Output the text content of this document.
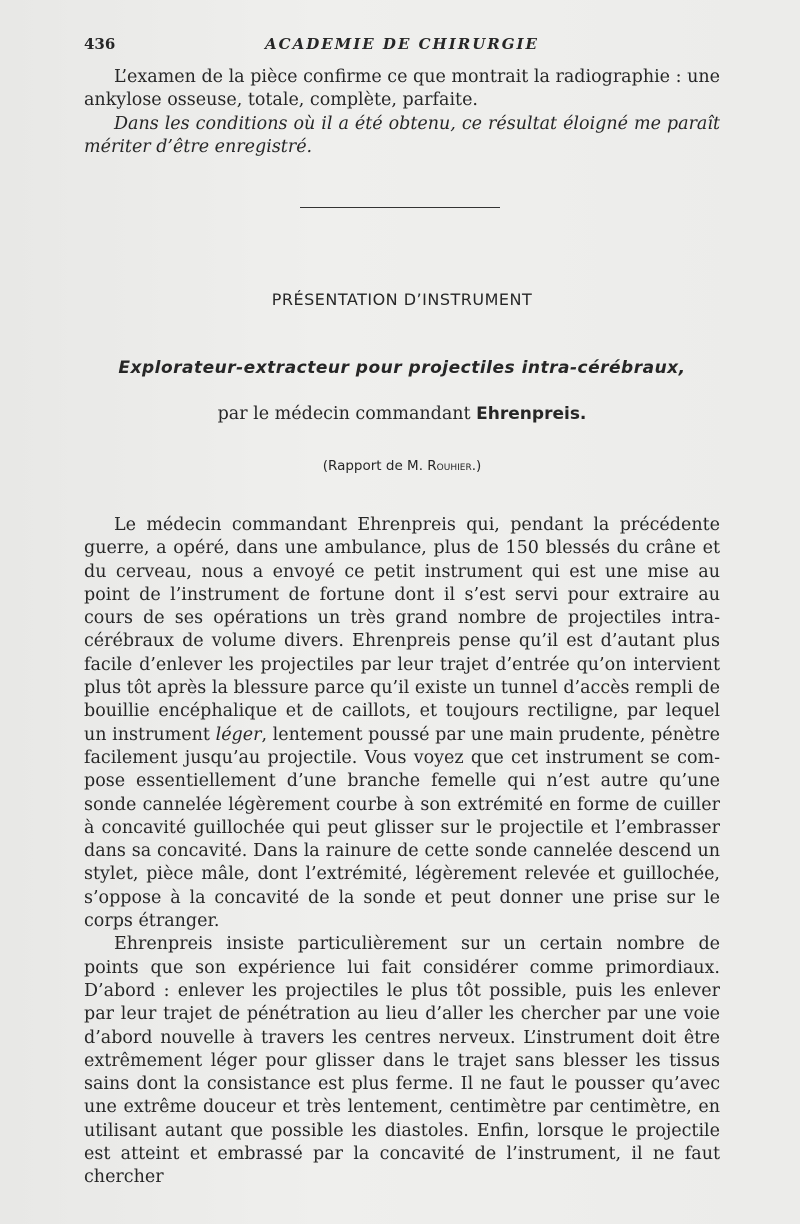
436	ACADEMIE DE CHIRURGIE

L’examen de la pièce confirme ce que montrait la radiographie : une ankylose osseuse, totale, complète, parfaite.

Dans les conditions où il a été obtenu, ce résultat éloigné me paraît mériter d’être enregistré.

PRÉSENTATION D’INSTRUMENT
Explorateur-extracteur pour projectiles intra-cérébraux,
par le médecin commandant Ehrenpreis.
(Rapport de M. Rouhier.)

Le médecin commandant Ehrenpreis qui, pendant la précédente guerre, a opéré, dans une ambulance, plus de 150 blessés du crâne et du cerveau, nous a envoyé ce petit instrument qui est une mise au point de l’instrument de fortune dont il s’est servi pour extraire au cours de ses opérations un très grand nombre de projectiles intra-cérébraux de volume divers. Ehrenpreis pense qu’il est d’autant plus facile d’enlever les projectiles par leur trajet d’entrée qu’on intervient plus tôt après la blessure parce qu’il existe un tunnel d’accès rempli de bouillie encéphalique et de caillots, et toujours rectiligne, par lequel un instrument léger, lentement poussé par une main prudente, pénètre facilement jusqu’au projectile. Vous voyez que cet instrument se compose essentiellement d’une branche femelle qui n’est autre qu’une sonde cannelée légèrement courbe à son extrémité en forme de cuiller à concavité guillochée qui peut glisser sur le projectile et l’embrasser dans sa concavité. Dans la rainure de cette sonde cannelée descend un stylet, pièce mâle, dont l’extrémité, légèrement relevée et guillochée, s’oppose à la concavité de la sonde et peut donner une prise sur le corps étranger.

Ehrenpreis insiste particulièrement sur un certain nombre de points que son expérience lui fait considérer comme primordiaux. D’abord : enlever les projectiles le plus tôt possible, puis les enlever par leur trajet de pénétration au lieu d’aller les chercher par une voie d’abord nouvelle à travers les centres nerveux. L’instrument doit être extrêmement léger pour glisser dans le trajet sans blesser les tissus sains dont la consistance est plus ferme. Il ne faut le pousser qu’avec une extrême douceur et très lentement, centimètre par centimètre, en utilisant autant que possible les diastoles. Enfin, lorsque le projectile est atteint et embrassé par la concavité de l’instrument, il ne faut chercher
